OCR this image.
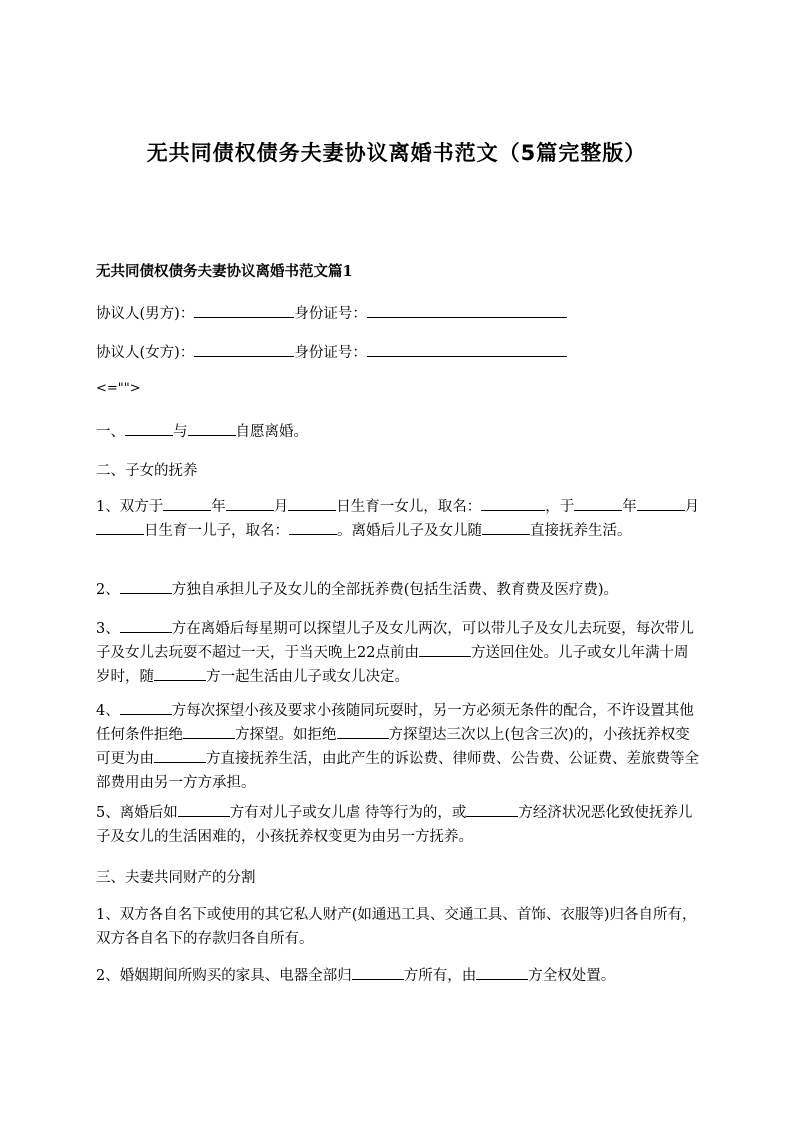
无共同债权债务夫妻协议离婚书范文（5篇完整版）
无共同债权债务夫妻协议离婚书范文篇1
协议人(男方)：	身份证号：
协议人(女方)：	身份证号：
<="">
一、	与	自愿离婚。
二、子女的抚养
1、双方于	年	月	日生育一女儿，取名：	，于	年	月日生育一儿子，取名：	。离婚后儿子及女儿随	直接抚养生活。
2、	方独自承担儿子及女儿的全部抚养费(包括生活费、教育费及医疗费)。
3、	方在离婚后每星期可以探望儿子及女儿两次，可以带儿子及女儿去玩耍，每次带儿子及女儿去玩耍不超过一天，于当天晚上22点前由	方送回住处。儿子或女儿年满十周岁时，随	方一起生活由儿子或女儿决定。
4、	方每次探望小孩及要求小孩随同玩耍时，另一方必须无条件的配合，不许设置其他任何条件拒绝	方探望。如拒绝	方探望达三次以上(包含三次)的，小孩抚养权变可更为由	方直接抚养生活，由此产生的诉讼费、律师费、公告费、公证费、差旅费等全部费用由另一方方承担。
5、离婚后如	方有对儿子或女儿虐 待等行为的，或	方经济状况恶化致使抚养儿子及女儿的生活困难的，小孩抚养权变更为由另一方抚养。
三、夫妻共同财产的分割
1、双方各自名下或使用的其它私人财产(如通迅工具、交通工具、首饰、衣服等)归各自所有，双方各自名下的存款归各自所有。
2、婚姻期间所购买的家具、电器全部归	方所有，由	方全权处置。
